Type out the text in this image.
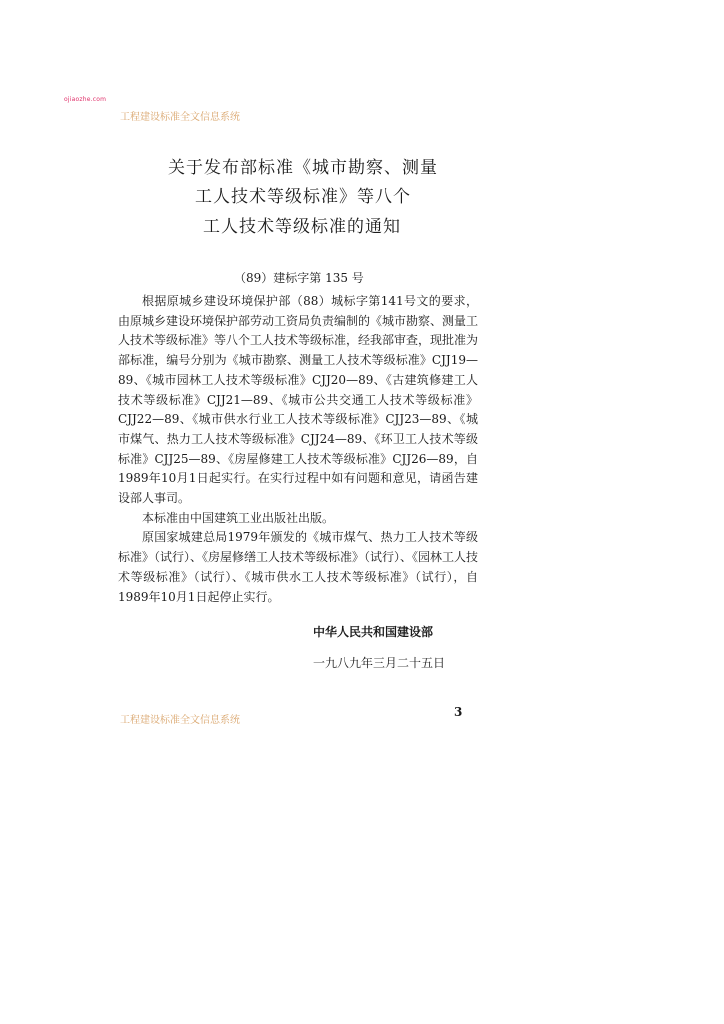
ojiaozhe.com
工程建设标准全文信息系统
关于发布部标准《城市勘察、测量
工人技术等级标准》等八个
工人技术等级标准的通知
（89）建标字第 135 号

根据原城乡建设环境保护部（88）城标字第141号文的要求，由原城乡建设环境保护部劳动工资局负责编制的《城市勘察、测量工人技术等级标准》等八个工人技术等级标准，经我部审查，现批准为部标准，编号分别为《城市勘察、测量工人技术等级标准》CJJ19—89、《城市园林工人技术等级标准》CJJ20—89、《古建筑修建工人技术等级标准》CJJ21—89、《城市公共交通工人技术等级标准》CJJ22—89、《城市供水行业工人技术等级标准》CJJ23—89、《城市煤气、热力工人技术等级标准》CJJ24—89、《环卫工人技术等级标准》CJJ25—89、《房屋修建工人技术等级标准》CJJ26—89，自1989年10月1日起实行。在实行过程中如有问题和意见，请函告建设部人事司。

本标准由中国建筑工业出版社出版。

原国家城建总局1979年颁发的《城市煤气、热力工人技术等级标准》（试行）、《房屋修缮工人技术等级标准》（试行）、《园林工人技术等级标准》（试行）、《城市供水工人技术等级标准》（试行），自1989年10月1日起停止实行。

中华人民共和国建设部
一九八九年三月二十五日
工程建设标准全文信息系统
3
